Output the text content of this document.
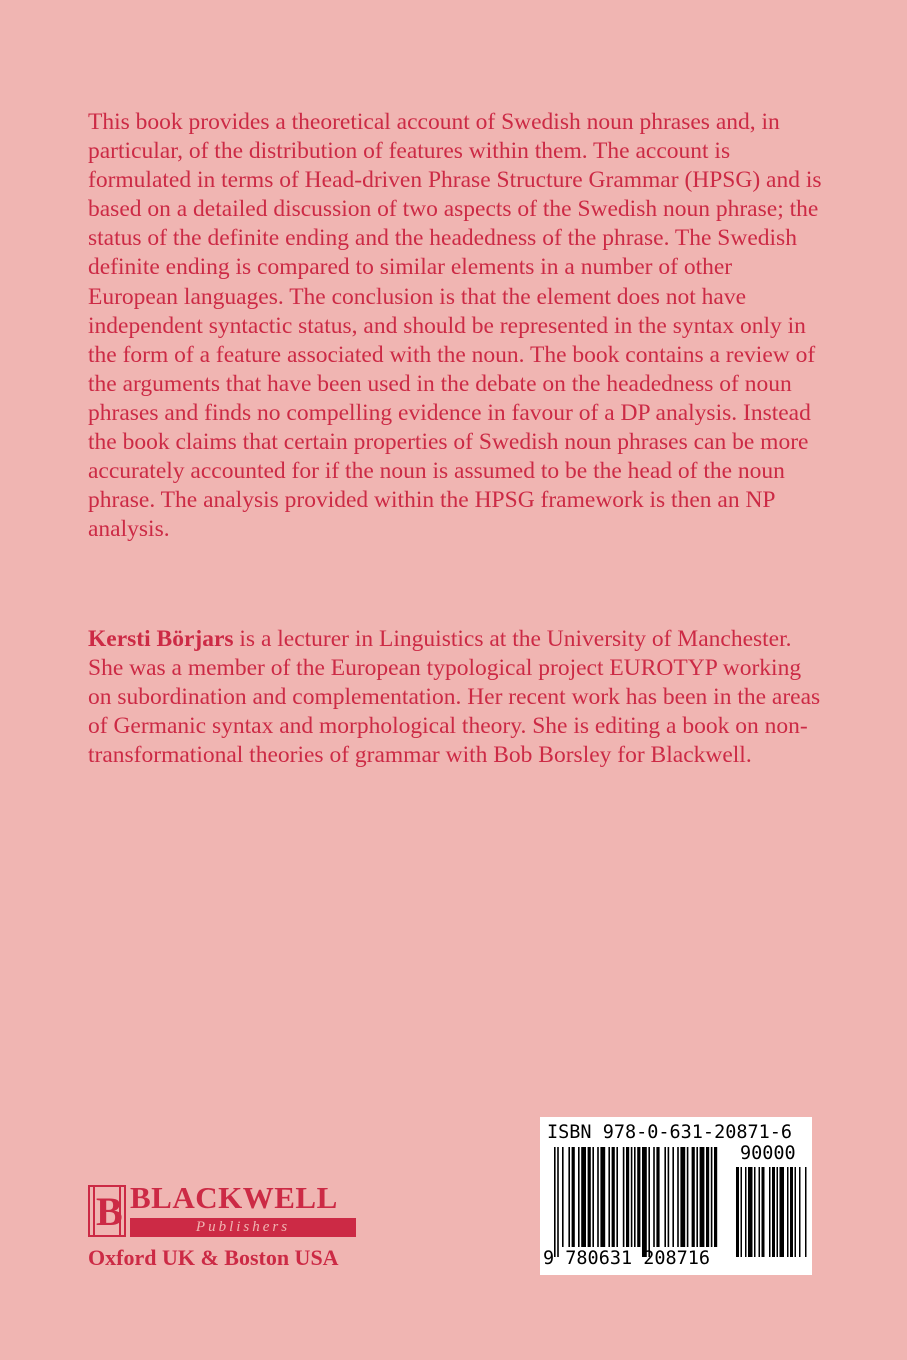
This book provides a theoretical account of Swedish noun phrases and, in particular, of the distribution of features within them. The account is formulated in terms of Head-driven Phrase Structure Grammar (HPSG) and is based on a detailed discussion of two aspects of the Swedish noun phrase; the status of the definite ending and the headedness of the phrase. The Swedish definite ending is compared to similar elements in a number of other European languages. The conclusion is that the element does not have independent syntactic status, and should be represented in the syntax only in the form of a feature associated with the noun. The book contains a review of the arguments that have been used in the debate on the headedness of noun phrases and finds no compelling evidence in favour of a DP analysis. Instead the book claims that certain properties of Swedish noun phrases can be more accurately accounted for if the noun is assumed to be the head of the noun phrase. The analysis provided within the HPSG framework is then an NP analysis.

Kersti Börjars is a lecturer in Linguistics at the University of Manchester. She was a member of the European typological project EUROTYP working on subordination and complementation. Her recent work has been in the areas of Germanic syntax and morphological theory. She is editing a book on non-transformational theories of grammar with Bob Borsley for Blackwell.

B BLACKWELL
Publishers
Oxford UK & Boston USA
ISBN 978-0-631-20871-6
90000
9 780631 208716
